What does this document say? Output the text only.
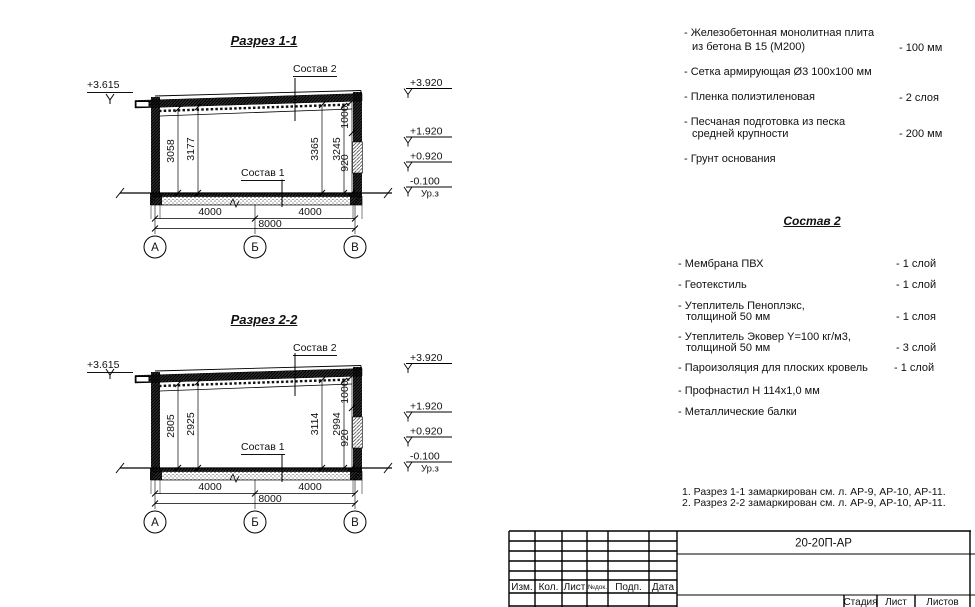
Разрез 1-1
Состав 2
Состав 1
+3.615
3058 3177	3365 3245
1000
920
4000	4000
8000
А	Б	В
+3.920
+1.920
+0.920
-0.100
Ур.з
Разрез 2-2
Состав 2
Состав 1
+3.615
2805 2925	3114 2994
1000
920
4000	4000
8000
А	Б	В
+3.920
+1.920
+0.920
-0.100
Ур.з
- Железобетонная монолитная плита
из бетона В 15 (М200)	- 100 мм
- Сетка армирующая Ø3 100х100 мм
- Пленка полиэтиленовая	- 2 слоя
- Песчаная подготовка из песка
средней крупности	- 200 мм
- Грунт основания
Состав 2
- Мембрана ПВХ	- 1 слой
- Геотекстиль	- 1 слой
- Утеплитель Пеноплэкс,
толщиной 50 мм	- 1 слоя
- Утеплитель Эковер Y=100 кг/м3,
толщиной 50 мм	- 3 слой
- Пароизоляция для плоских кровель - 1 слой
- Профнастил Н 114х1,0 мм
- Металлические балки
1. Разрез 1-1 замаркирован см. л. АР-9, АР-10, АР-11.
2. Разрез 2-2 замаркирован см. л. АР-9, АР-10, АР-11.
Изм. Кол. Лист №док. Подп. Дата
20-20П-АР
Стадия Лист Листов
